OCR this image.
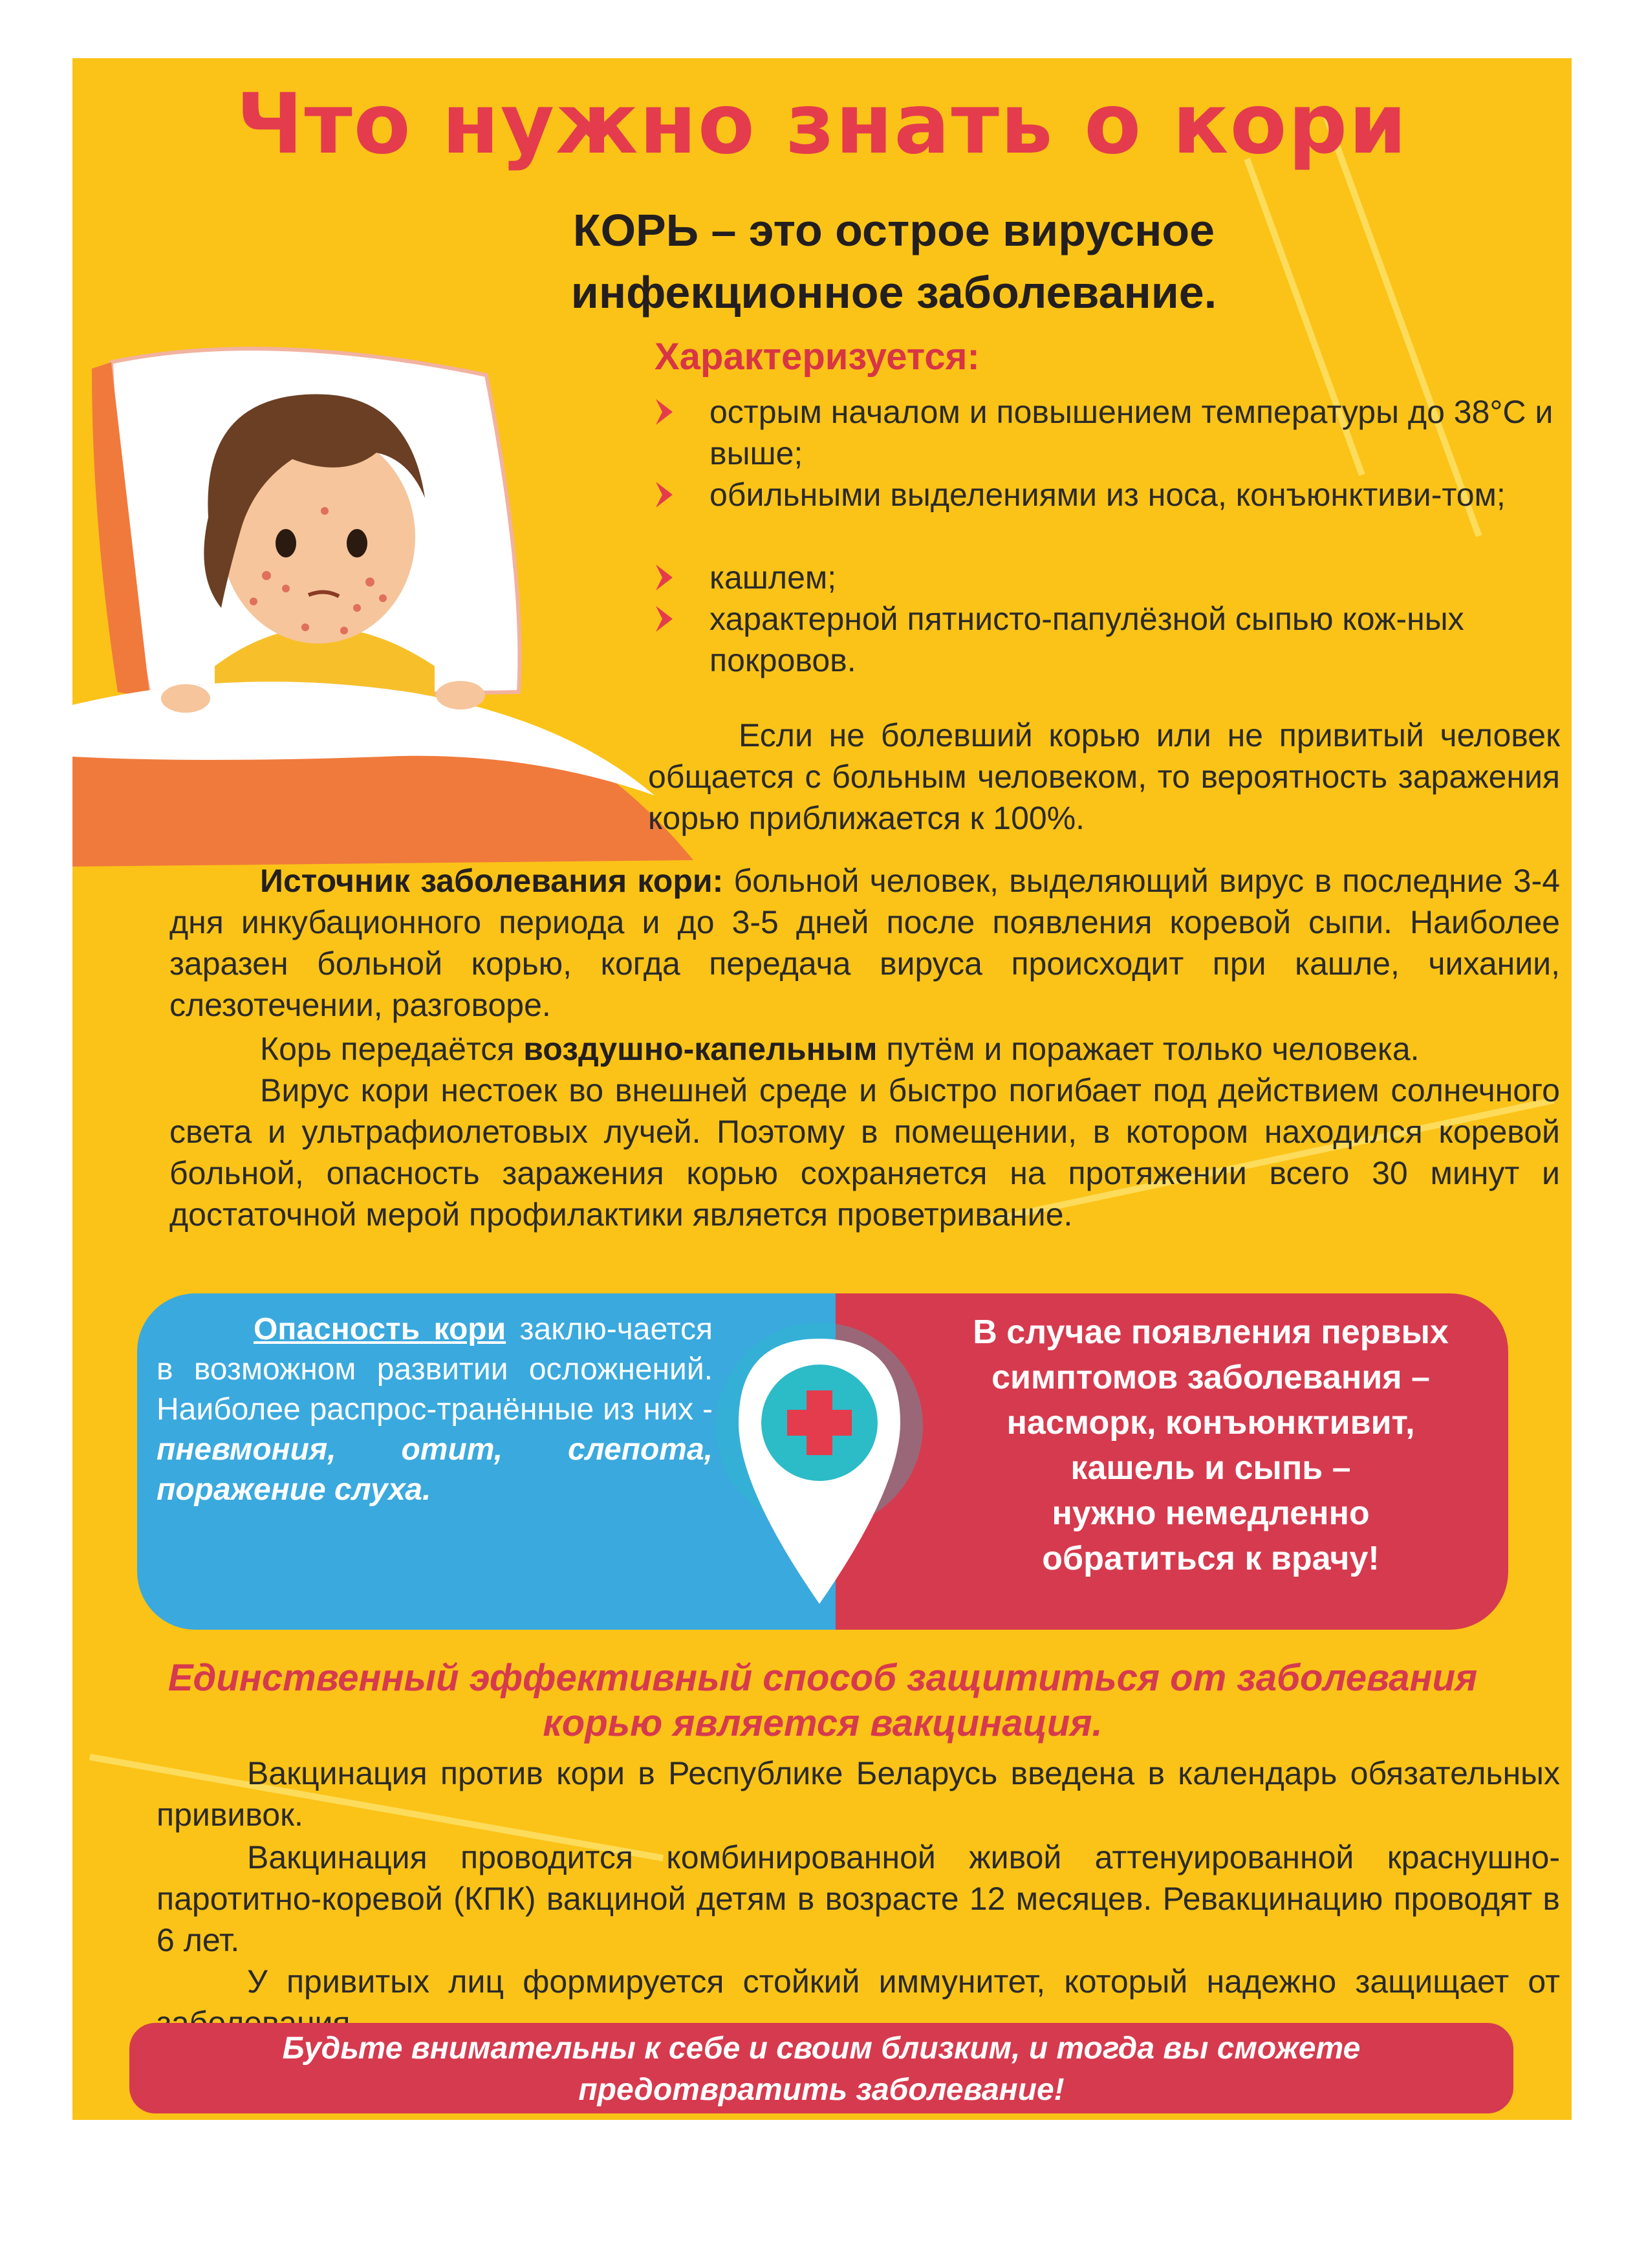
Что нужно знать о кори
КОРЬ – это острое вирусное
инфекционное заболевание.
Характеризуется:
острым началом и повышением температуры до 38°С и выше;
обильными выделениями из носа, конъюнктиви-том;
кашлем;
характерной пятнисто-папулёзной сыпью кож-ных покровов.
Если не болевший корью или не привитый человек общается с больным человеком, то вероятность заражения корью приближается к 100%.

Источник заболевания кори: больной человек, выделяющий вирус в последние 3-4 дня инкубационного периода и до 3-5 дней после появления коревой сыпи. Наиболее заразен больной корью, когда передача вируса происходит при кашле, чихании, слезотечении, разговоре.

Корь передаётся воздушно-капельным путём и поражает только человека.

Вирус кори нестоек во внешней среде и быстро погибает под действием солнечного света и ультрафиолетовых лучей. Поэтому в помещении, в котором находился коревой больной, опасность заражения корью сохраняется на протяжении всего 30 минут и достаточной мерой профилактики является проветривание.

Опасность кори заклю-чается в возможном развитии осложнений. Наиболее распрос-транённые из них - пневмония, отит, слепота, поражение слуха.
В случае появления первых
симптомов заболевания –
насморк, конъюнктивит,
кашель и сыпь –
нужно немедленно
обратиться к врачу!
Единственный эффективный способ защититься от заболевания
корью является вакцинация.

Вакцинация против кори в Республике Беларусь введена в календарь обязательных прививок.

Вакцинация проводится комбинированной живой аттенуированной краснушно-паротитно-коревой (КПК) вакциной детям в возрасте 12 месяцев. Ревакцинацию проводят в 6 лет.

У привитых лиц формируется стойкий иммунитет, который надежно защищает от

Будьте внимательны к себе и своим близким, и тогда вы сможете
предотвратить заболевание!
